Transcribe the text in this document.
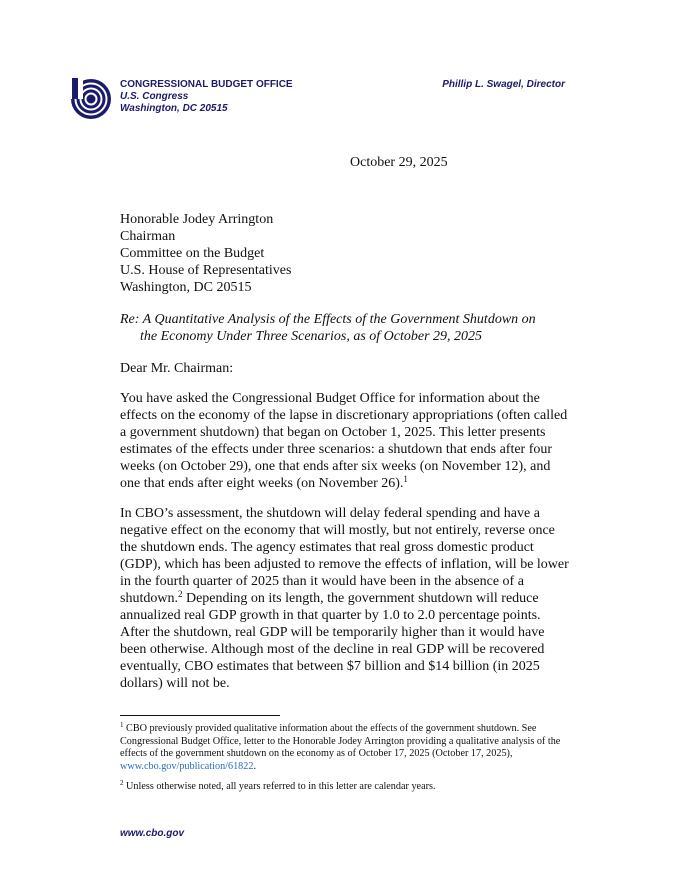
CONGRESSIONAL BUDGET OFFICE
U.S. Congress
Washington, DC 20515
Phillip L. Swagel, Director
October 29, 2025
Honorable Jodey Arrington
Chairman
Committee on the Budget
U.S. House of Representatives
Washington, DC 20515
Re: A Quantitative Analysis of the Effects of the Government Shutdown on
the Economy Under Three Scenarios, as of October 29, 2025
Dear Mr. Chairman:

You have asked the Congressional Budget Office for information about the effects on the economy of the lapse in discretionary appropriations (often called a government shutdown) that began on October 1, 2025. This letter presents estimates of the effects under three scenarios: a shutdown that ends after four weeks (on October 29), one that ends after six weeks (on November 12), and one that ends after eight weeks (on November 26).$^1$

In CBO’s assessment, the shutdown will delay federal spending and have a negative effect on the economy that will mostly, but not entirely, reverse once the shutdown ends. The agency estimates that real gross domestic product (GDP), which has been adjusted to remove the effects of inflation, will be lower in the fourth quarter of 2025 than it would have been in the absence of a shutdown.$^2$ Depending on its length, the government shutdown will reduce annualized real GDP growth in that quarter by 1.0 to 2.0 percentage points. After the shutdown, real GDP will be temporarily higher than it would have been otherwise. Although most of the decline in real GDP will be recovered eventually, CBO estimates that between $7 billion and $14 billion (in 2025 dollars) will not be.

$^1$ CBO previously provided qualitative information about the effects of the government shutdown. See Congressional Budget Office, letter to the Honorable Jodey Arrington providing a qualitative analysis of the effects of the government shutdown on the economy as of October 17, 2025 (October 17, 2025), www.cbo.gov/publication/61822.
$^2$ Unless otherwise noted, all years referred to in this letter are calendar years.
www.cbo.gov
